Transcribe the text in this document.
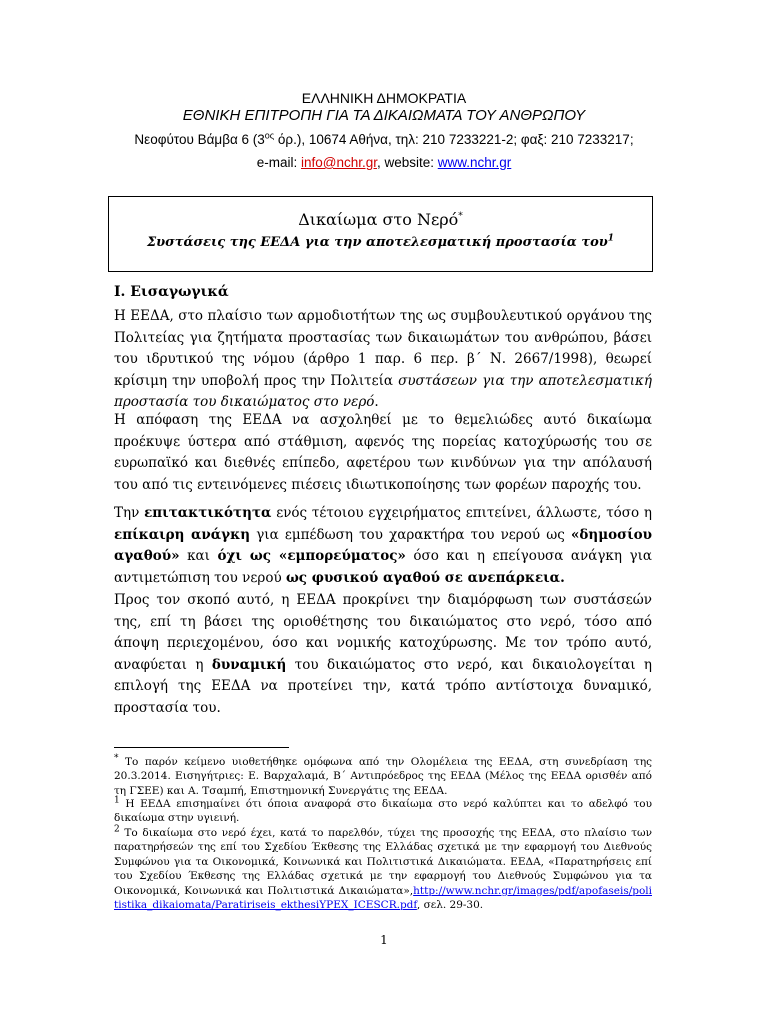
ΕΛΛΗΝΙΚΗ ΔΗΜΟΚΡΑΤΙΑ
ΕΘΝΙΚΗ ΕΠΙΤΡΟΠΗ ΓΙΑ ΤΑ ΔΙΚΑΙΩΜΑΤΑ ΤΟΥ ΑΝΘΡΩΠΟΥ
Νεοφύτου Βάμβα 6 ($3^{o\varsigma}$ όρ.), 10674 Αθήνα, τηλ: 210 7233221-2; φαξ: 210 7233217;
e-mail: info@nchr.gr, website: www.nchr.gr
Δικαίωμα στο Νερό*
Συστάσεις της ΕΕΔΑ για την αποτελεσματική προστασία του$^1$
I. Εισαγωγικά
Η ΕΕΔΑ, στο πλαίσιο των αρμοδιοτήτων της ως συμβουλευτικού οργάνου της Πολιτείας για ζητήματα προστασίας των δικαιωμάτων του ανθρώπου, βάσει του ιδρυτικού της νόμου (άρθρο 1 παρ. 6 περ. β΄ Ν. 2667/1998), θεωρεί κρίσιμη την υποβολή προς την Πολιτεία συστάσεων για την αποτελεσματική προστασία του δικαιώματος στο νερό.
Η απόφαση της ΕΕΔΑ να ασχοληθεί με το θεμελιώδες αυτό δικαίωμα προέκυψε ύστερα από στάθμιση, αφενός της πορείας κατοχύρωσής του σε ευρωπαϊκό και διεθνές επίπεδο, αφετέρου των κινδύνων για την απόλαυσή του από τις εντεινόμενες πιέσεις ιδιωτικοποίησης των φορέων παροχής του.
Την επιτακτικότητα ενός τέτοιου εγχειρήματος επιτείνει, άλλωστε, τόσο η επίκαιρη ανάγκη για εμπέδωση του χαρακτήρα του νερού ως «δημοσίου αγαθού» και όχι ως «εμπορεύματος» όσο και η επείγουσα ανάγκη για αντιμετώπιση του νερού ως φυσικού αγαθού σε ανεπάρκεια.
Προς τον σκοπό αυτό, η ΕΕΔΑ προκρίνει την διαμόρφωση των συστάσεών της, επί τη βάσει της οριοθέτησης του δικαιώματος στο νερό, τόσο από άποψη περιεχομένου, όσο και νομικής κατοχύρωσης. Με τον τρόπο αυτό, αναφύεται η δυναμική του δικαιώματος στο νερό, και δικαιολογείται η επιλογή της ΕΕΔΑ να προτείνει την, κατά τρόπο αντίστοιχα δυναμικό, προστασία του.
* Το παρόν κείμενο υιοθετήθηκε ομόφωνα από την Ολομέλεια της ΕΕΔΑ, στη συνεδρίαση της 20.3.2014. Εισηγήτριες: Ε. Βαρχαλαμά, Β΄ Αντιπρόεδρος της ΕΕΔΑ (Μέλος της ΕΕΔΑ ορισθέν από τη ΓΣΕΕ) και Α. Τσαμπή, Επιστημονική Συνεργάτις της ΕΕΔΑ.
$^1$ Η ΕΕΔΑ επισημαίνει ότι όποια αναφορά στο δικαίωμα στο νερό καλύπτει και το αδελφό του δικαίωμα στην υγιεινή.
$^2$ Το δικαίωμα στο νερό έχει, κατά το παρελθόν, τύχει της προσοχής της ΕΕΔΑ, στο πλαίσιο των παρατηρήσεών της επί του Σχεδίου Έκθεσης της Ελλάδας σχετικά με την εφαρμογή του Διεθνούς Συμφώνου για τα Οικονομικά, Κοινωνικά και Πολιτιστικά Δικαιώματα. ΕΕΔΑ, «Παρατηρήσεις επί του Σχεδίου Έκθεσης της Ελλάδας σχετικά με την εφαρμογή του Διεθνούς Συμφώνου για τα Οικονομικά, Κοινωνικά και Πολιτιστικά Δικαιώματα»,http://www.nchr.gr/images/pdf/apofaseis/politistika_dikaiomata/Paratiriseis_ekthesiYPEX_ICESCR.pdf, σελ. 29-30.
1
